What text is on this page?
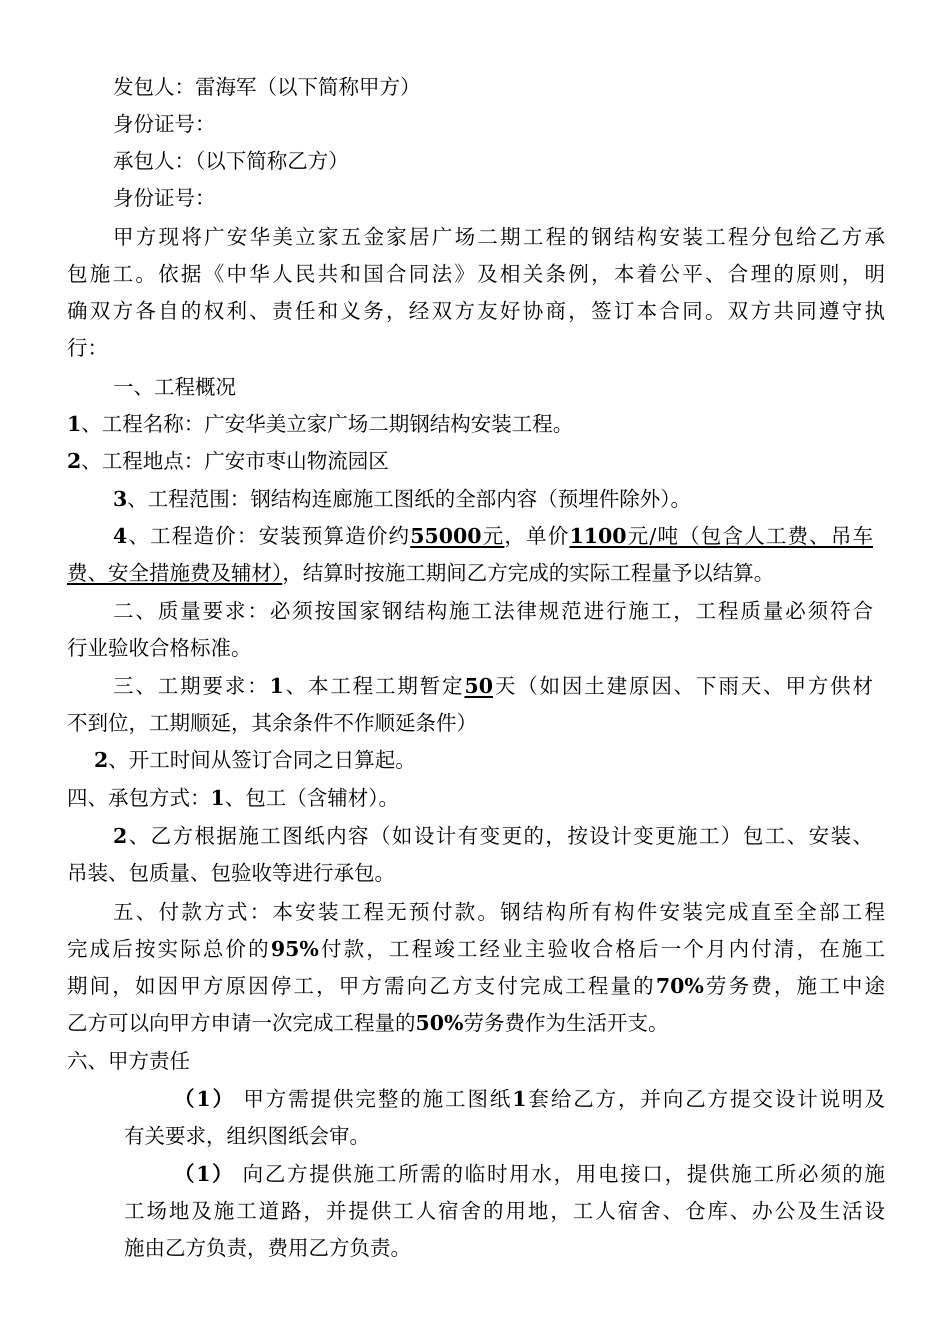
发包人：雷海军（以下简称甲方）
身份证号：
承包人：（以下简称乙方）
身份证号：
甲方现将广安华美立家五金家居广场二期工程的钢结构安装工程分包给乙方承
包施工。依据《中华人民共和国合同法》及相关条例，本着公平、合理的原则，明
确双方各自的权利、责任和义务，经双方友好协商，签订本合同。双方共同遵守执
行：
一、工程概况
1、工程名称：广安华美立家广场二期钢结构安装工程。
2、工程地点：广安市枣山物流园区
3、工程范围：钢结构连廊施工图纸的全部内容（预埋件除外）。
4、工程造价：安装预算造价约55000元，单价1100元/吨（包含人工费、吊车
费、安全措施费及辅材），结算时按施工期间乙方完成的实际工程量予以结算。
二、质量要求：必须按国家钢结构施工法律规范进行施工，工程质量必须符合
行业验收合格标准。
三、工期要求：1、本工程工期暂定50天（如因土建原因、下雨天、甲方供材
不到位，工期顺延，其余条件不作顺延条件）
2、开工时间从签订合同之日算起。
四、承包方式：1、包工（含辅材）。
2、乙方根据施工图纸内容（如设计有变更的，按设计变更施工）包工、安装、
吊装、包质量、包验收等进行承包。
五、付款方式：本安装工程无预付款。钢结构所有构件安装完成直至全部工程
完成后按实际总价的95%付款，工程竣工经业主验收合格后一个月内付清，在施工
期间，如因甲方原因停工，甲方需向乙方支付完成工程量的70%劳务费，施工中途
乙方可以向甲方申请一次完成工程量的50%劳务费作为生活开支。
六、甲方责任
（1） 甲方需提供完整的施工图纸1套给乙方，并向乙方提交设计说明及
有关要求，组织图纸会审。
（1） 向乙方提供施工所需的临时用水，用电接口，提供施工所必须的施
工场地及施工道路，并提供工人宿舍的用地，工人宿舍、仓库、办公及生活设
施由乙方负责，费用乙方负责。
